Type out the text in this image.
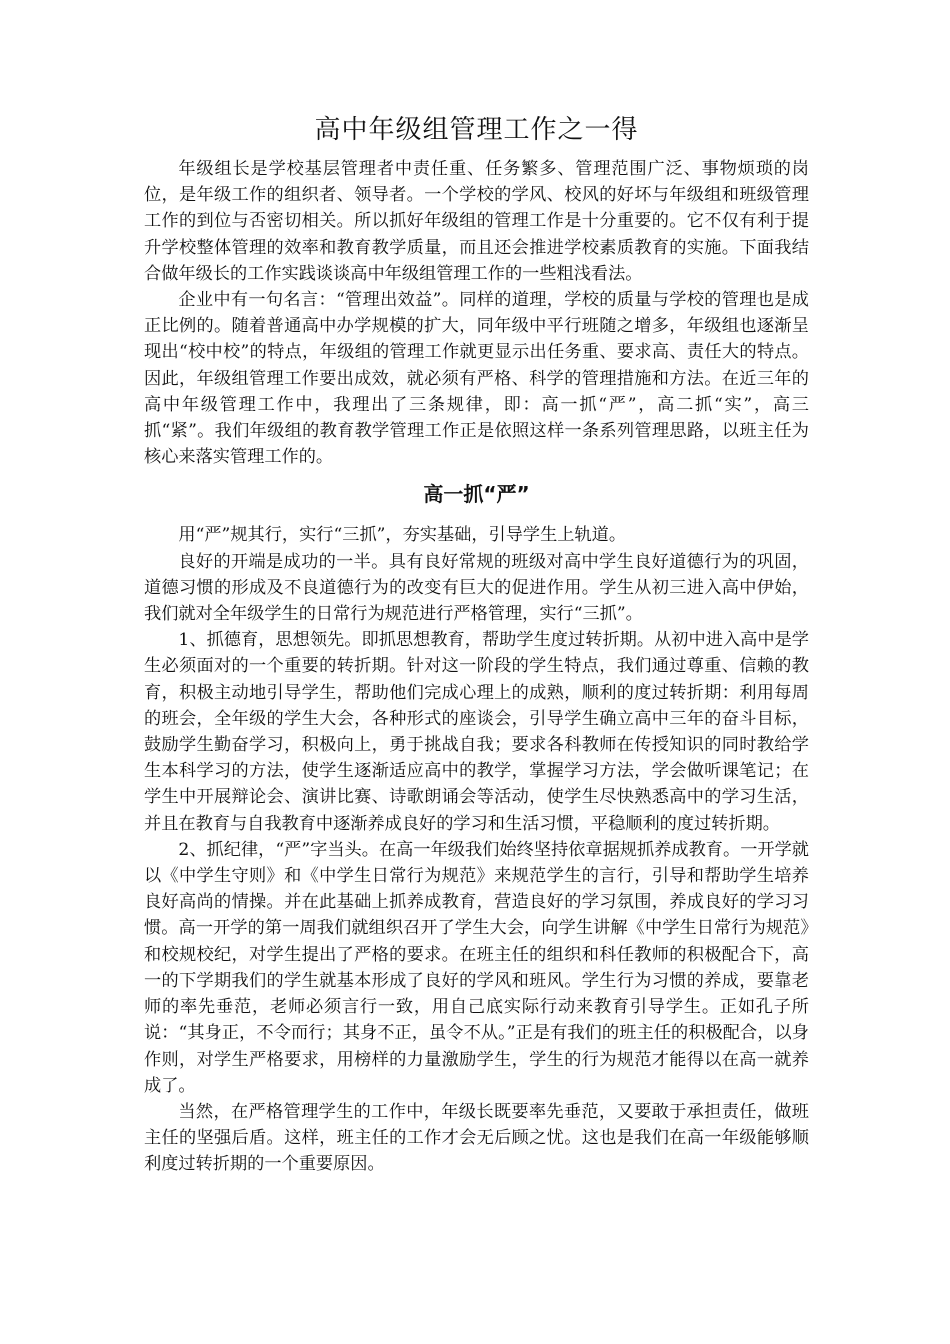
高中年级组管理工作之一得

年级组长是学校基层管理者中责任重、任务繁多、管理范围广泛、事物烦琐的岗位，是年级工作的组织者、领导者。一个学校的学风、校风的好坏与年级组和班级管理工作的到位与否密切相关。所以抓好年级组的管理工作是十分重要的。它不仅有利于提升学校整体管理的效率和教育教学质量，而且还会推进学校素质教育的实施。下面我结合做年级长的工作实践谈谈高中年级组管理工作的一些粗浅看法。

企业中有一句名言：“管理出效益”。同样的道理，学校的质量与学校的管理也是成正比例的。随着普通高中办学规模的扩大，同年级中平行班随之增多，年级组也逐渐呈现出“校中校”的特点，年级组的管理工作就更显示出任务重、要求高、责任大的特点。因此，年级组管理工作要出成效，就必须有严格、科学的管理措施和方法。在近三年的高中年级管理工作中，我理出了三条规律，即：高一抓“严”，高二抓“实”，高三抓“紧”。我们年级组的教育教学管理工作正是依照这样一条系列管理思路，以班主任为核心来落实管理工作的。

高一抓“严”

用“严”规其行，实行“三抓”，夯实基础，引导学生上轨道。

良好的开端是成功的一半。具有良好常规的班级对高中学生良好道德行为的巩固，道德习惯的形成及不良道德行为的改变有巨大的促进作用。学生从初三进入高中伊始，我们就对全年级学生的日常行为规范进行严格管理，实行“三抓”。

1、抓德育，思想领先。即抓思想教育，帮助学生度过转折期。从初中进入高中是学生必须面对的一个重要的转折期。针对这一阶段的学生特点，我们通过尊重、信赖的教育，积极主动地引导学生，帮助他们完成心理上的成熟，顺利的度过转折期：利用每周的班会，全年级的学生大会，各种形式的座谈会，引导学生确立高中三年的奋斗目标，鼓励学生勤奋学习，积极向上，勇于挑战自我；要求各科教师在传授知识的同时教给学生本科学习的方法，使学生逐渐适应高中的教学，掌握学习方法，学会做听课笔记；在学生中开展辩论会、演讲比赛、诗歌朗诵会等活动，使学生尽快熟悉高中的学习生活，并且在教育与自我教育中逐渐养成良好的学习和生活习惯，平稳顺利的度过转折期。

2、抓纪律，“严”字当头。在高一年级我们始终坚持依章据规抓养成教育。一开学就以《中学生守则》和《中学生日常行为规范》来规范学生的言行，引导和帮助学生培养良好高尚的情操。并在此基础上抓养成教育，营造良好的学习氛围，养成良好的学习习惯。高一开学的第一周我们就组织召开了学生大会，向学生讲解《中学生日常行为规范》和校规校纪，对学生提出了严格的要求。在班主任的组织和科任教师的积极配合下，高一的下学期我们的学生就基本形成了良好的学风和班风。学生行为习惯的养成，要靠老师的率先垂范，老师必须言行一致，用自己底实际行动来教育引导学生。正如孔子所说：“其身正，不令而行；其身不正，虽令不从。”正是有我们的班主任的积极配合，以身作则，对学生严格要求，用榜样的力量激励学生，学生的行为规范才能得以在高一就养成了。

当然，在严格管理学生的工作中，年级长既要率先垂范，又要敢于承担责任，做班主任的坚强后盾。这样，班主任的工作才会无后顾之忧。这也是我们在高一年级能够顺利度过转折期的一个重要原因。
